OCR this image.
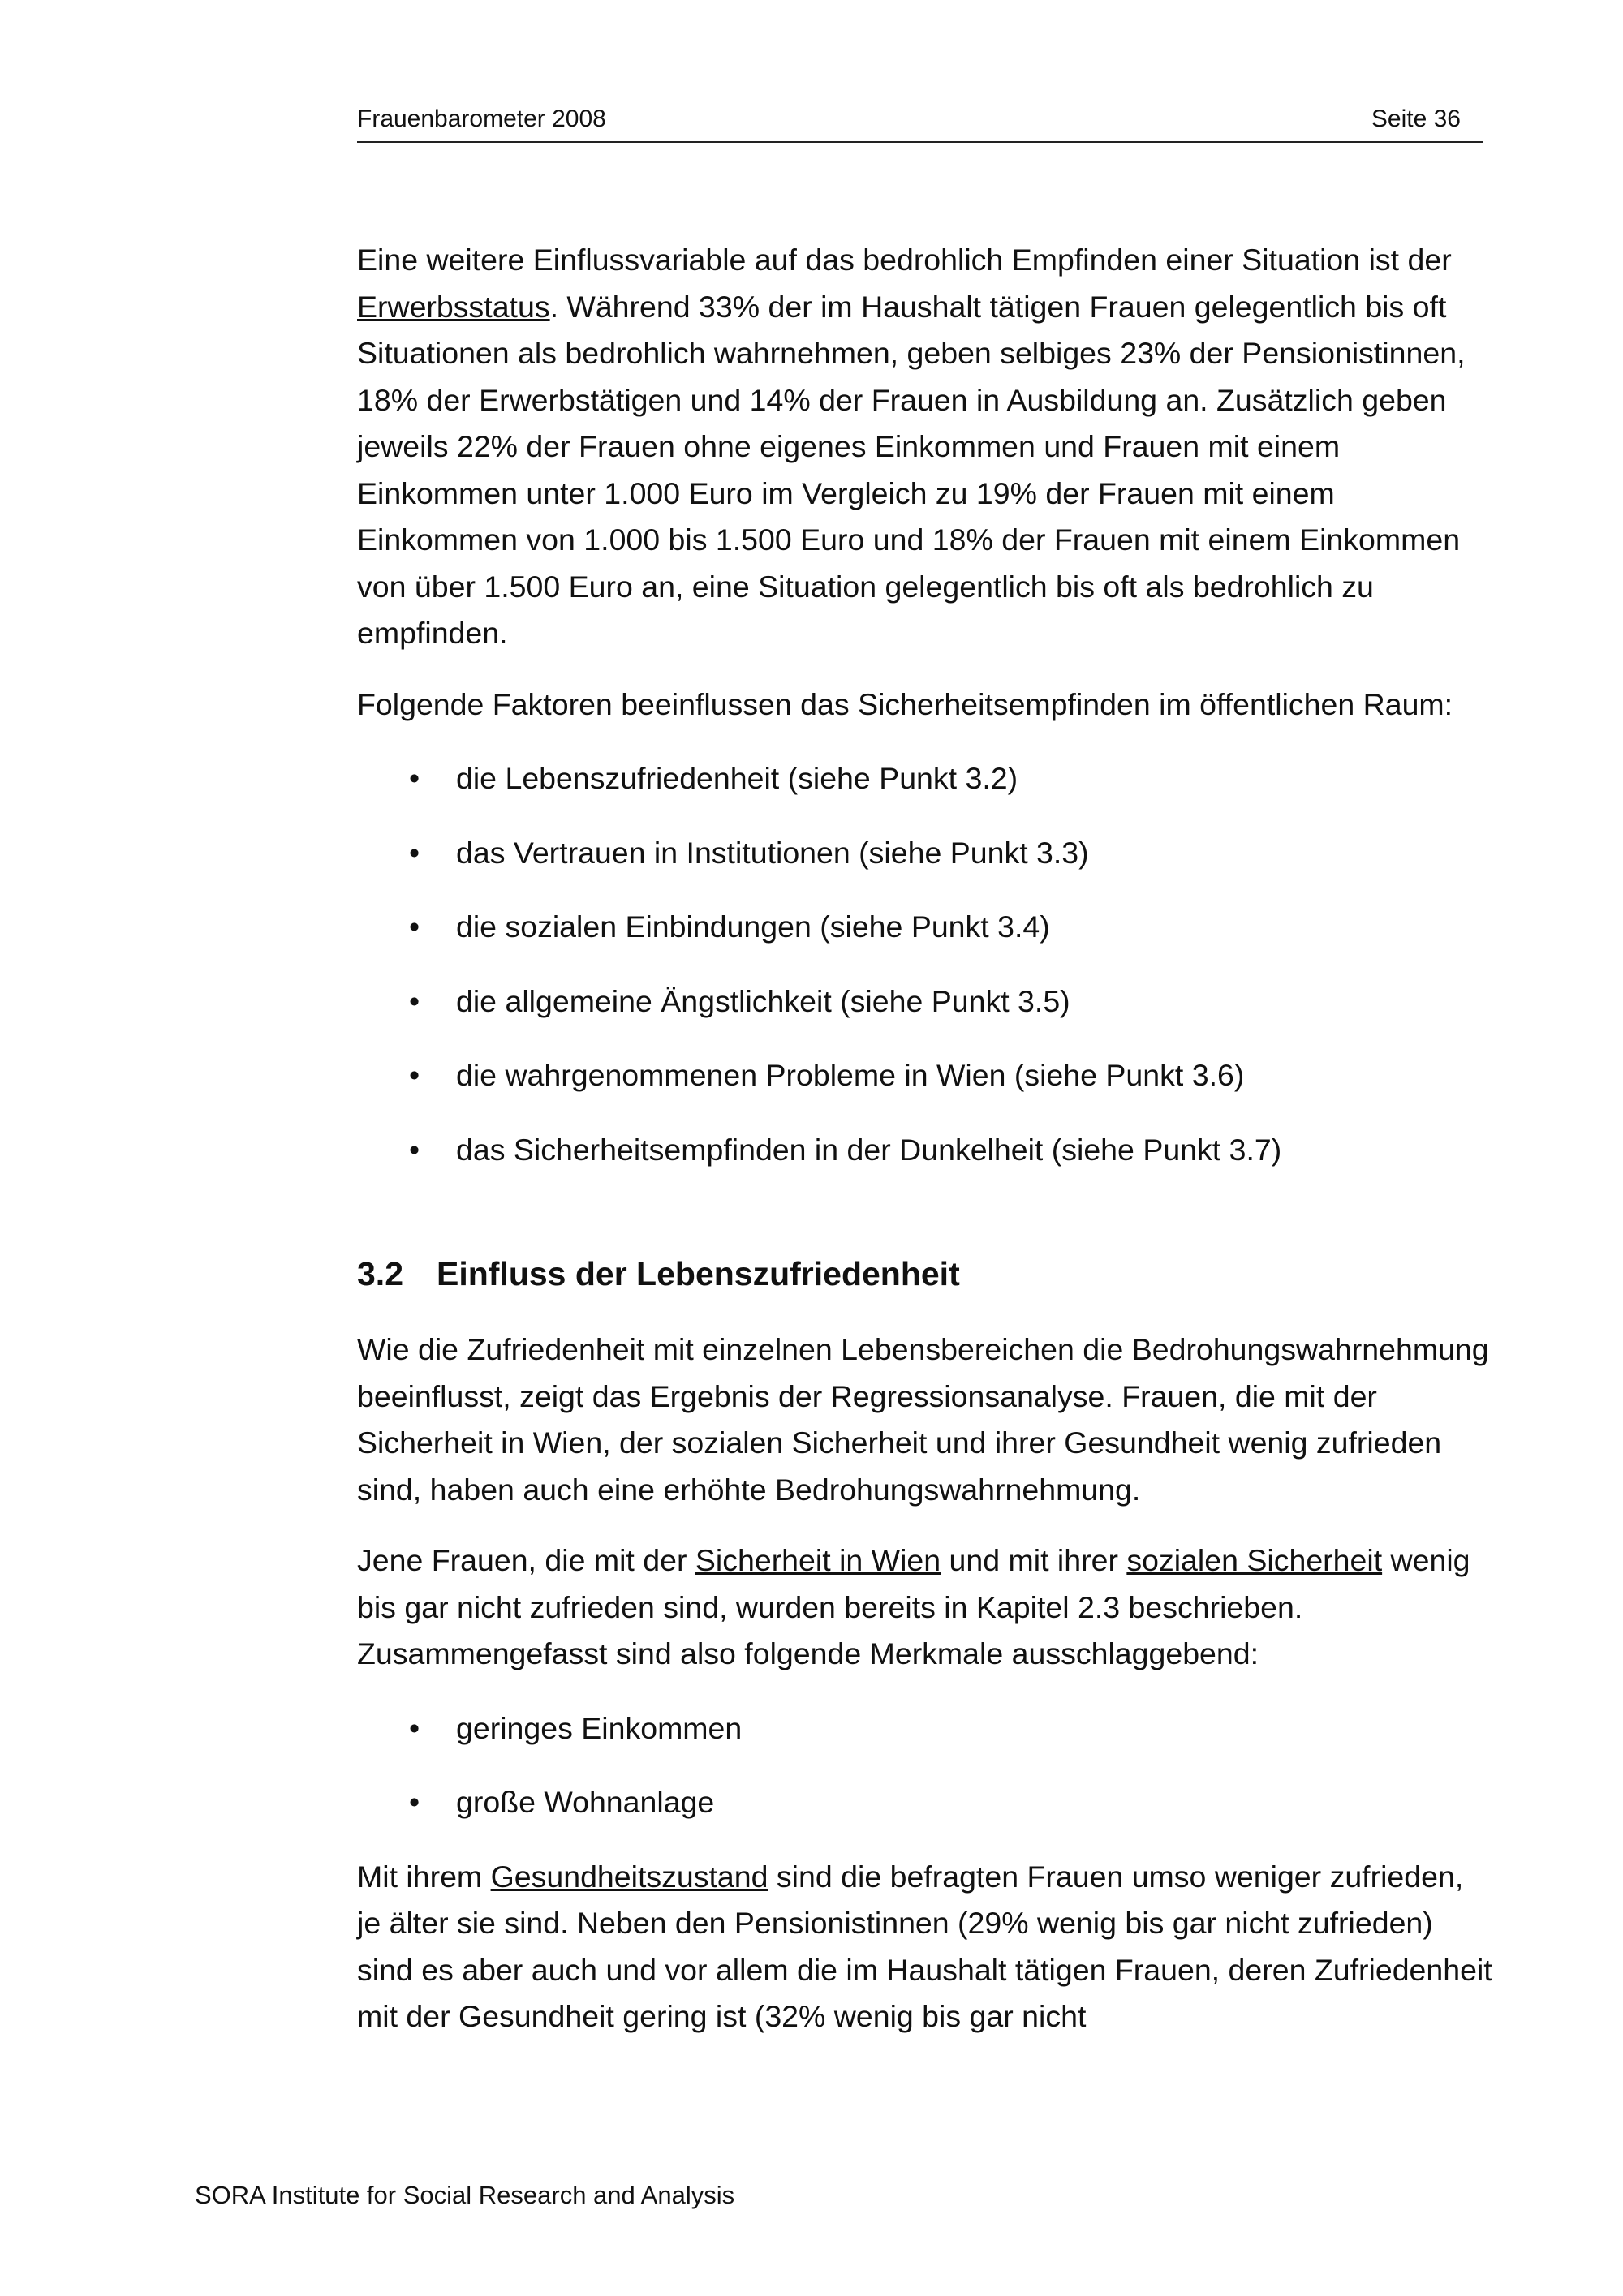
Frauenbarometer 2008	Seite 36

Eine weitere Einflussvariable auf das bedrohlich Empfinden einer Situation ist der Erwerbsstatus. Während 33% der im Haushalt tätigen Frauen gelegentlich bis oft Situationen als bedrohlich wahrnehmen, geben selbiges 23% der Pensionistinnen, 18% der Erwerbstätigen und 14% der Frauen in Ausbildung an. Zusätzlich geben jeweils 22% der Frauen ohne eigenes Einkommen und Frauen mit einem Einkommen unter 1.000 Euro im Vergleich zu 19% der Frauen mit einem Einkommen von 1.000 bis 1.500 Euro und 18% der Frauen mit einem Einkommen von über 1.500 Euro an, eine Situation gelegentlich bis oft als bedrohlich zu empfinden.

Folgende Faktoren beeinflussen das Sicherheitsempfinden im öffentlichen Raum:

• die Lebenszufriedenheit (siehe Punkt 3.2)
• das Vertrauen in Institutionen (siehe Punkt 3.3)
• die sozialen Einbindungen (siehe Punkt 3.4)
• die allgemeine Ängstlichkeit (siehe Punkt 3.5)
• die wahrgenommenen Probleme in Wien (siehe Punkt 3.6)
• das Sicherheitsempfinden in der Dunkelheit (siehe Punkt 3.7)
3.2 Einfluss der Lebenszufriedenheit

Wie die Zufriedenheit mit einzelnen Lebensbereichen die Bedrohungswahrnehmung beeinflusst, zeigt das Ergebnis der Regressionsanalyse. Frauen, die mit der Sicherheit in Wien, der sozialen Sicherheit und ihrer Gesundheit wenig zufrieden sind, haben auch eine erhöhte Bedrohungswahrnehmung.

Jene Frauen, die mit der Sicherheit in Wien und mit ihrer sozialen Sicherheit wenig bis gar nicht zufrieden sind, wurden bereits in Kapitel 2.3 beschrieben. Zusammengefasst sind also folgende Merkmale ausschlaggebend:

• geringes Einkommen
• große Wohnanlage

Mit ihrem Gesundheitszustand sind die befragten Frauen umso weniger zufrieden, je älter sie sind. Neben den Pensionistinnen (29% wenig bis gar nicht zufrieden) sind es aber auch und vor allem die im Haushalt tätigen Frauen, deren Zufriedenheit mit der Gesundheit gering ist (32% wenig bis gar nicht

SORA Institute for Social Research and Analysis
